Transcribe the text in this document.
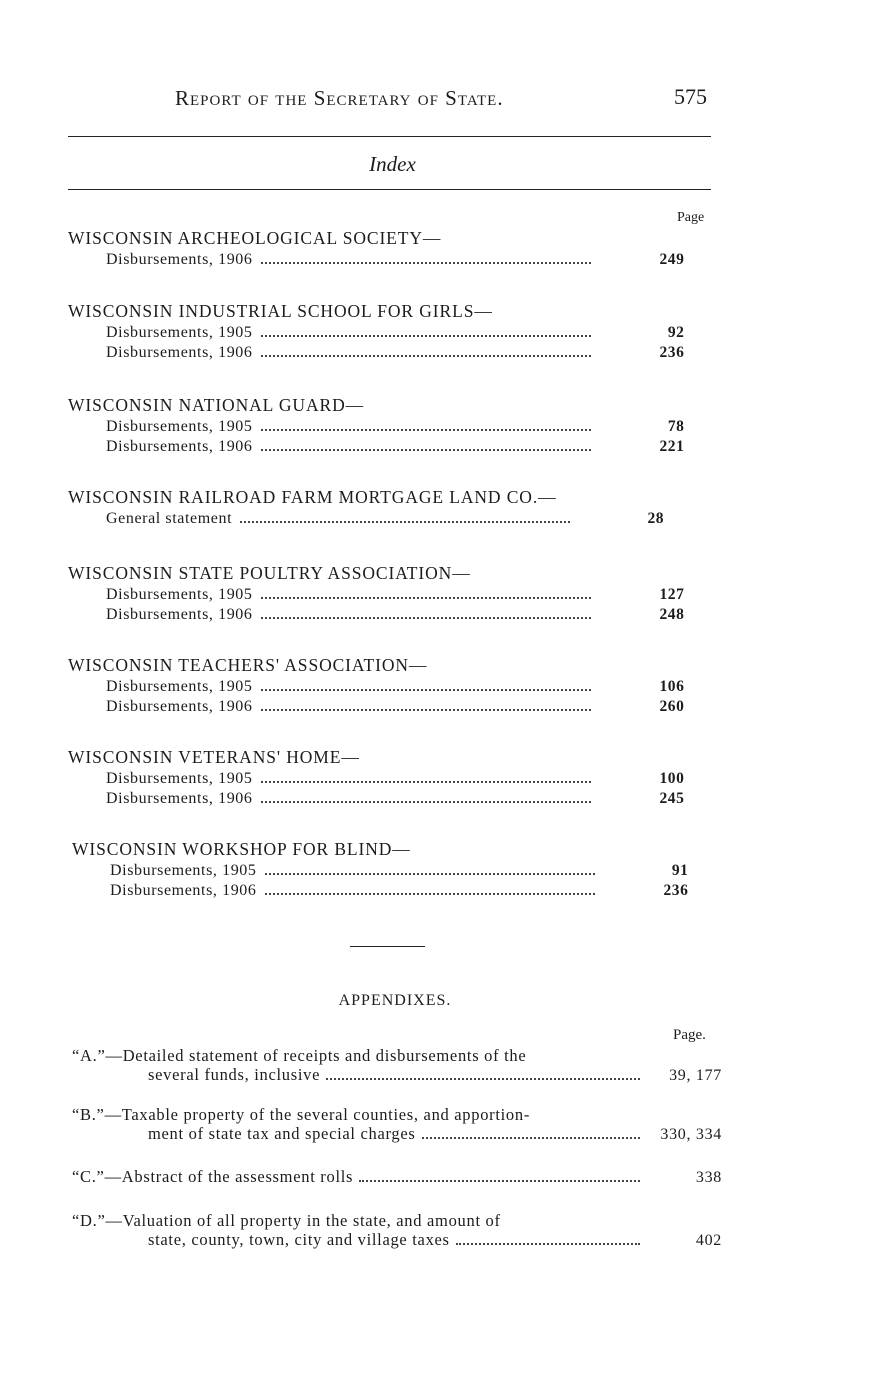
Report of the Secretary of State.	575
Index
Page
WISCONSIN ARCHEOLOGICAL SOCIETY—
Disbursements, 1906	249
WISCONSIN INDUSTRIAL SCHOOL FOR GIRLS—
Disbursements, 1905	92
Disbursements, 1906	236
WISCONSIN NATIONAL GUARD—
Disbursements, 1905	78
Disbursements, 1906	221
WISCONSIN RAILROAD FARM MORTGAGE LAND CO.—
General statement	28
WISCONSIN STATE POULTRY ASSOCIATION—
Disbursements, 1905	127
Disbursements, 1906	248
WISCONSIN TEACHERS' ASSOCIATION—
Disbursements, 1905	106
Disbursements, 1906	260
WISCONSIN VETERANS' HOME—
Disbursements, 1905	100
Disbursements, 1906	245
WISCONSIN WORKSHOP FOR BLIND—
Disbursements, 1905	91
Disbursements, 1906	236
APPENDIXES.
Page.
“A.”—Detailed statement of receipts and disbursements of the
several funds, inclusive	39, 177
“B.”—Taxable property of the several counties, and apportion-
ment of state tax and special charges	330, 334
“C.”—Abstract of the assessment rolls	338
“D.”—Valuation of all property in the state, and amount of
state, county, town, city and village taxes	402
